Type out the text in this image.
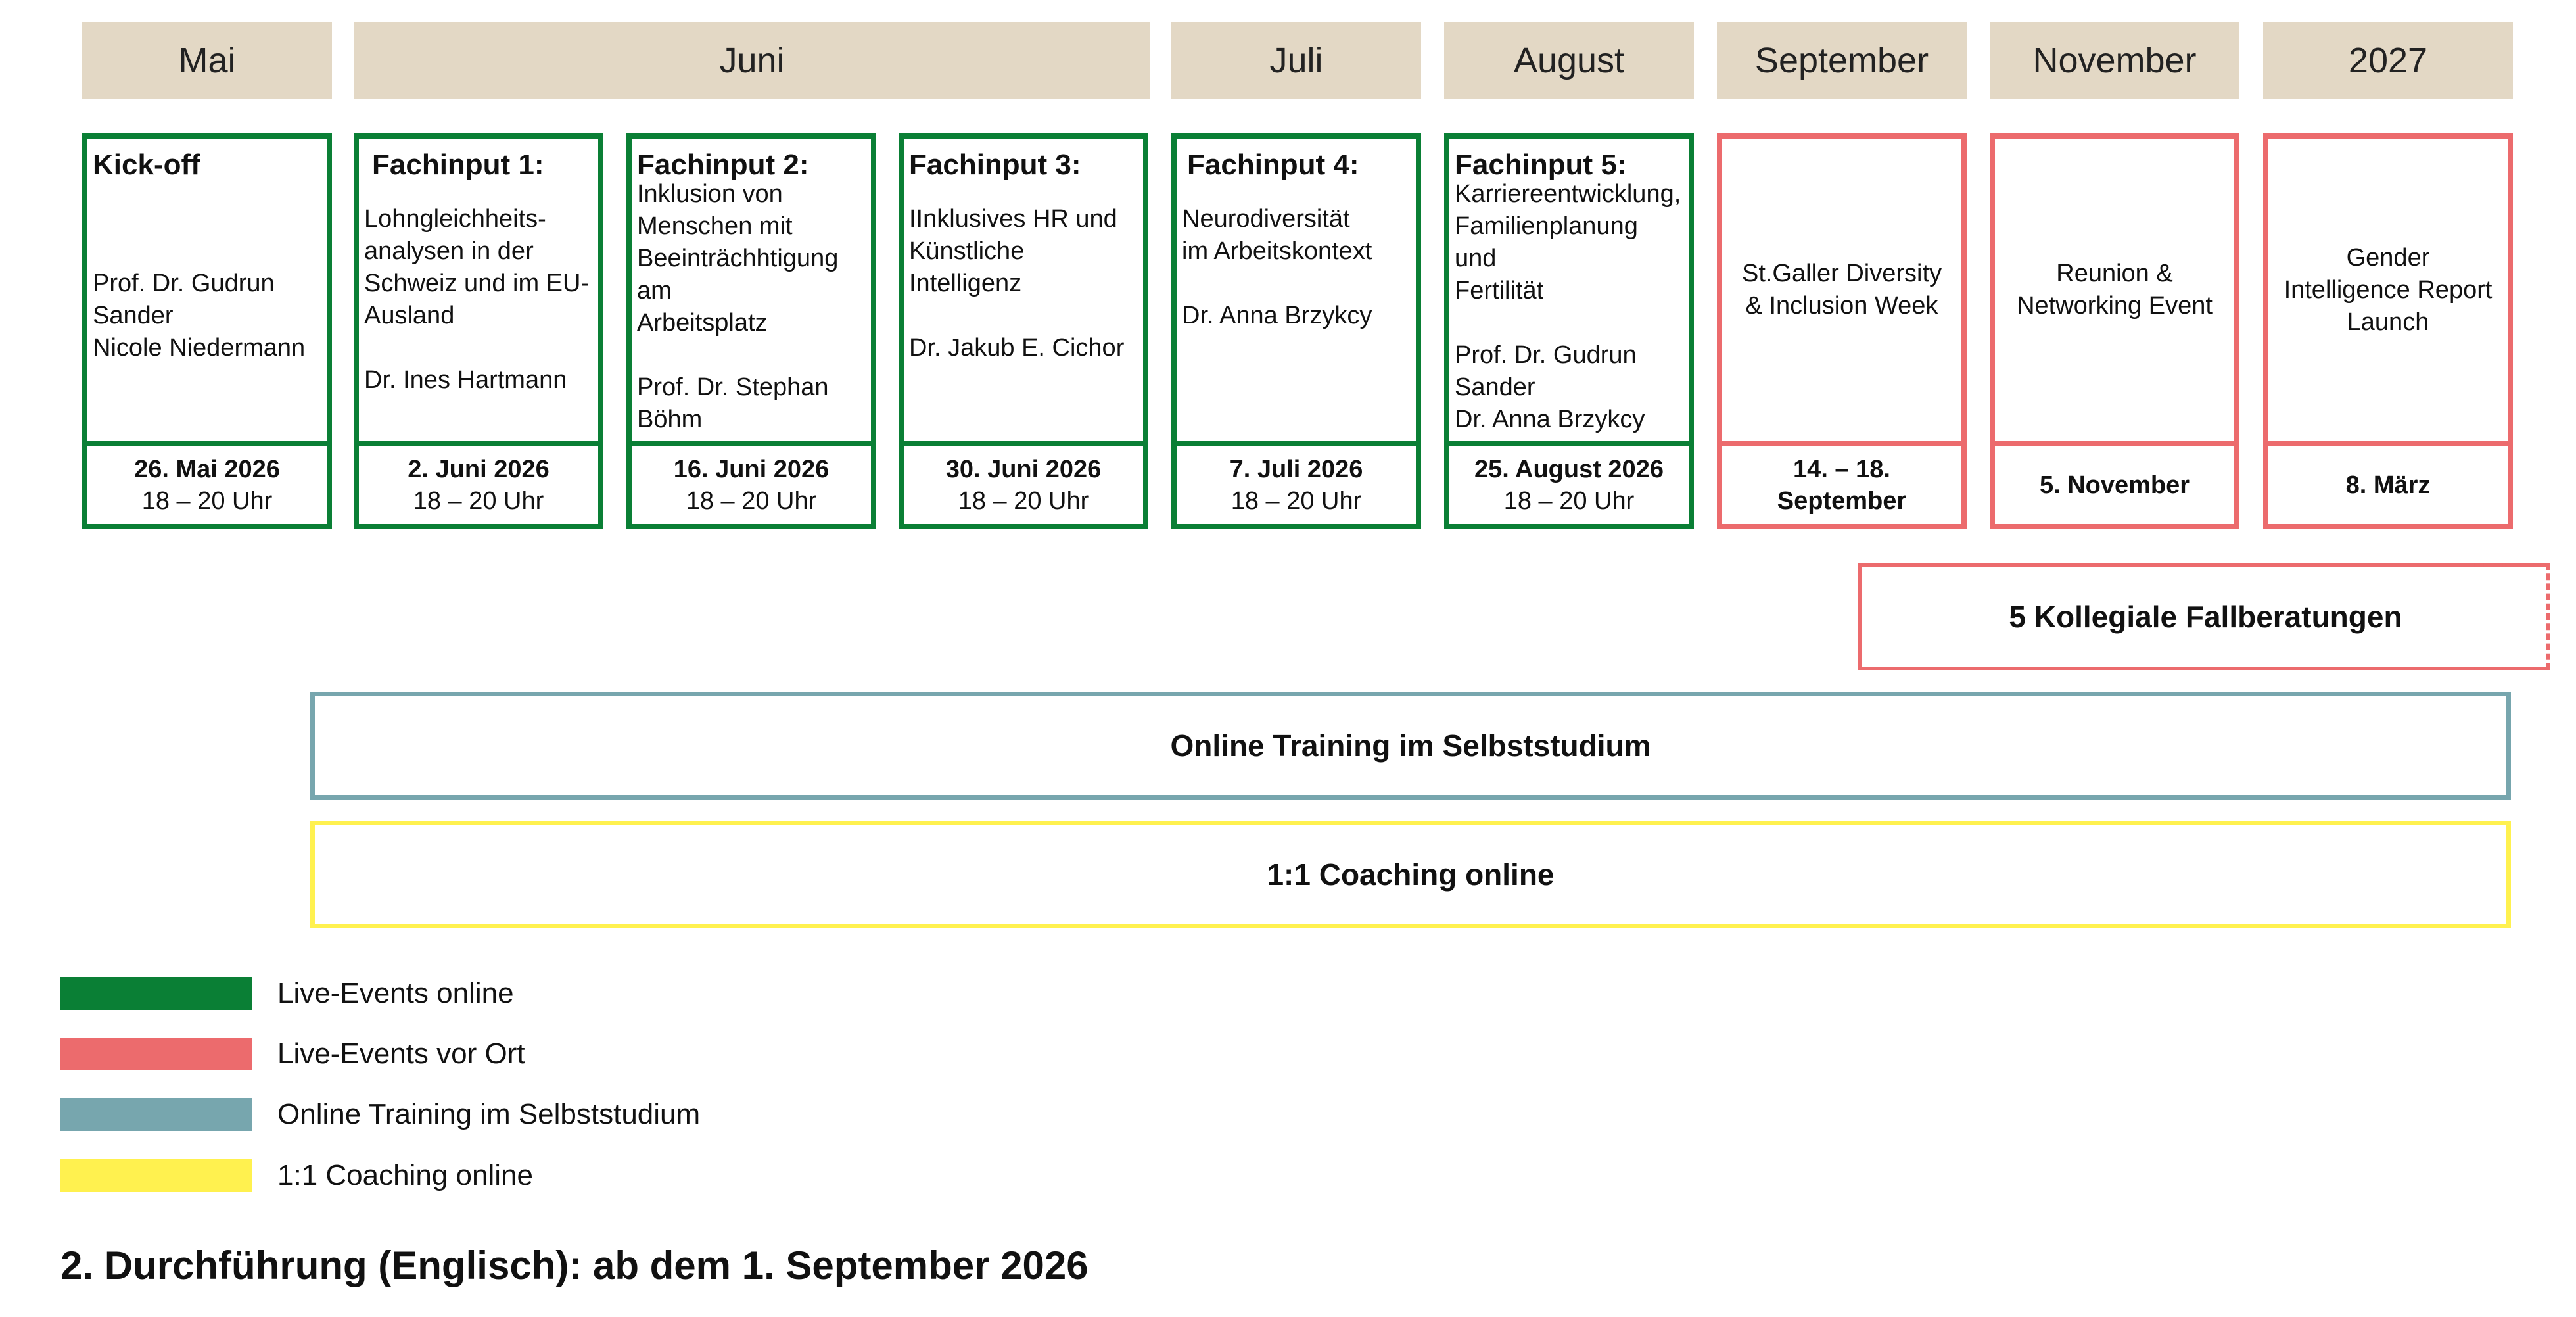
Mai	Juni	Juli	August	September	November	2027
Kick-off
Prof. Dr. Gudrun
Sander
Nicole Niedermann
26. Mai 2026
18 – 20 Uhr
Fachinput 1:
Lohngleichheits-
analysen in der
Schweiz und im EU-
Ausland
Dr. Ines Hartmann
2. Juni 2026
18 – 20 Uhr
Fachinput 2:
Inklusion von
Menschen mit
Beeinträchhtigung am
Arbeitsplatz
Prof. Dr. Stephan
Böhm
16. Juni 2026
18 – 20 Uhr
Fachinput 3:
IInklusives HR und
Künstliche Intelligenz
Dr. Jakub E. Cichor
30. Juni 2026
18 – 20 Uhr
Fachinput 4:
Neurodiversität
im Arbeitskontext
Dr. Anna Brzykcy
7. Juli 2026
18 – 20 Uhr
Fachinput 5:
Karriereentwicklung,
Familienplanung und
Fertilität
Prof. Dr. Gudrun
Sander
Dr. Anna Brzykcy
25. August 2026
18 – 20 Uhr
St.Galler Diversity
& Inclusion Week
14. – 18.
September
Reunion &
Networking Event
5. November
Gender
Intelligence Report
Launch
8. März
5 Kollegiale Fallberatungen
Online Training im Selbststudium
1:1 Coaching online
Live-Events online
Live-Events vor Ort
Online Training im Selbststudium
1:1 Coaching online
2. Durchführung (Englisch): ab dem 1. September 2026
